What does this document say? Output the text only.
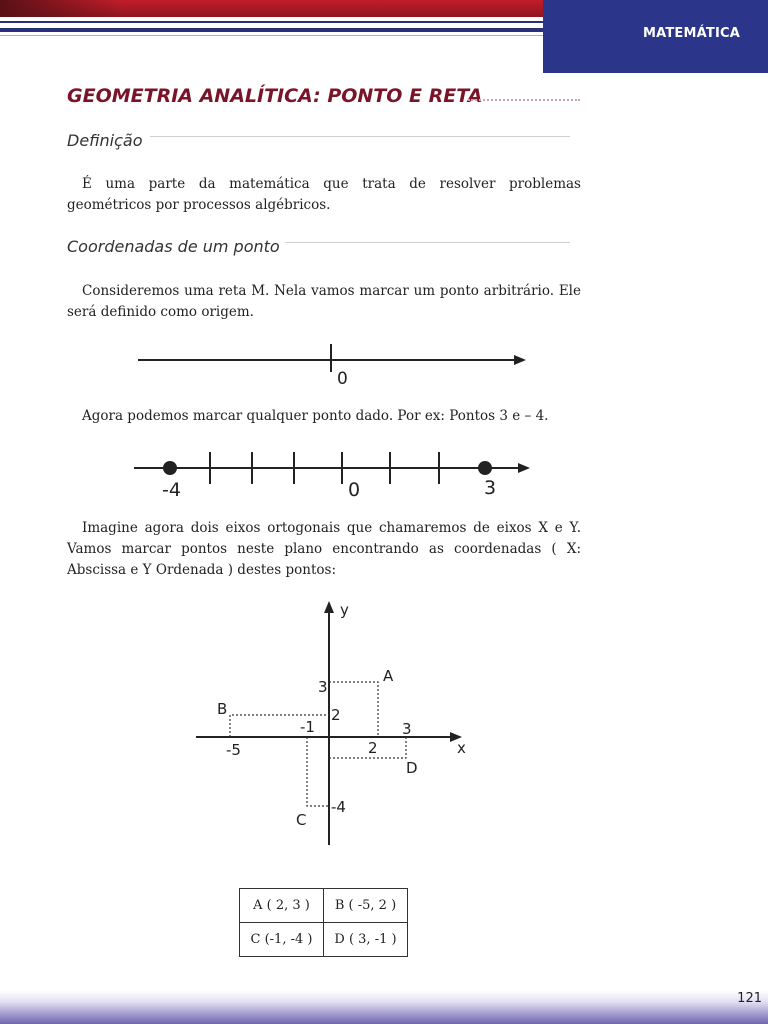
MATEMÁTICA
GEOMETRIA ANALÍTICA: PONTO E RETA
Definição

É uma parte da matemática que trata de resolver problemas geométricos por processos algébricos.

Coordenadas de um ponto

Consideremos uma reta M. Nela vamos marcar um ponto arbitrário. Ele será definido como origem.

0

Agora podemos marcar qualquer ponto dado. Por ex: Pontos 3 e – 4.

-4	0	3

Imagine agora dois eixos ortogonais que chamaremos de eixos X e Y. Vamos marcar pontos neste plano encontrando as coordenadas ( X: Abscissa e Y Ordenada ) destes pontos:

y
x
A
B
C
D
3
2
-1	3
-5	2
-4
A ( 2, 3 )	B ( -5, 2 )
C (-1, -4 )	D ( 3, -1 )
121
